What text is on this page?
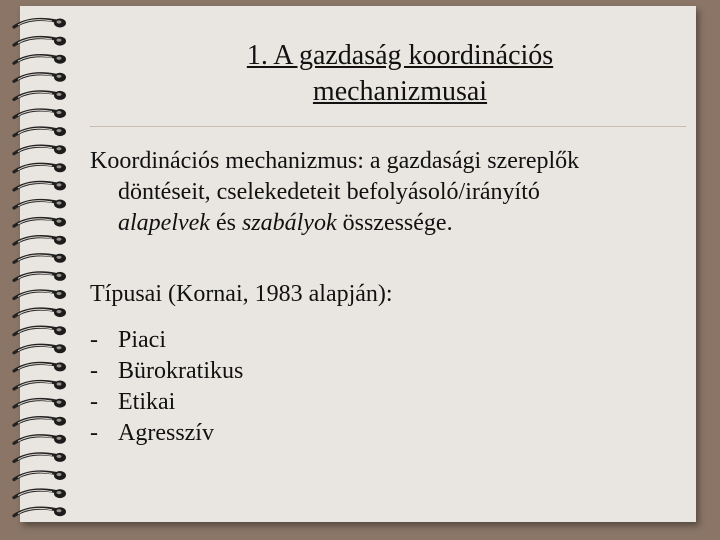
1. A gazdaság koordinációs
mechanizmusai
Koordinációs mechanizmus: a gazdasági szereplők
döntéseit, cselekedeteit befolyásoló/irányító
alapelvek és szabályok összessége.
Típusai (Kornai, 1983 alapján):
- Piaci
- Bürokratikus
- Etikai
- Agresszív
